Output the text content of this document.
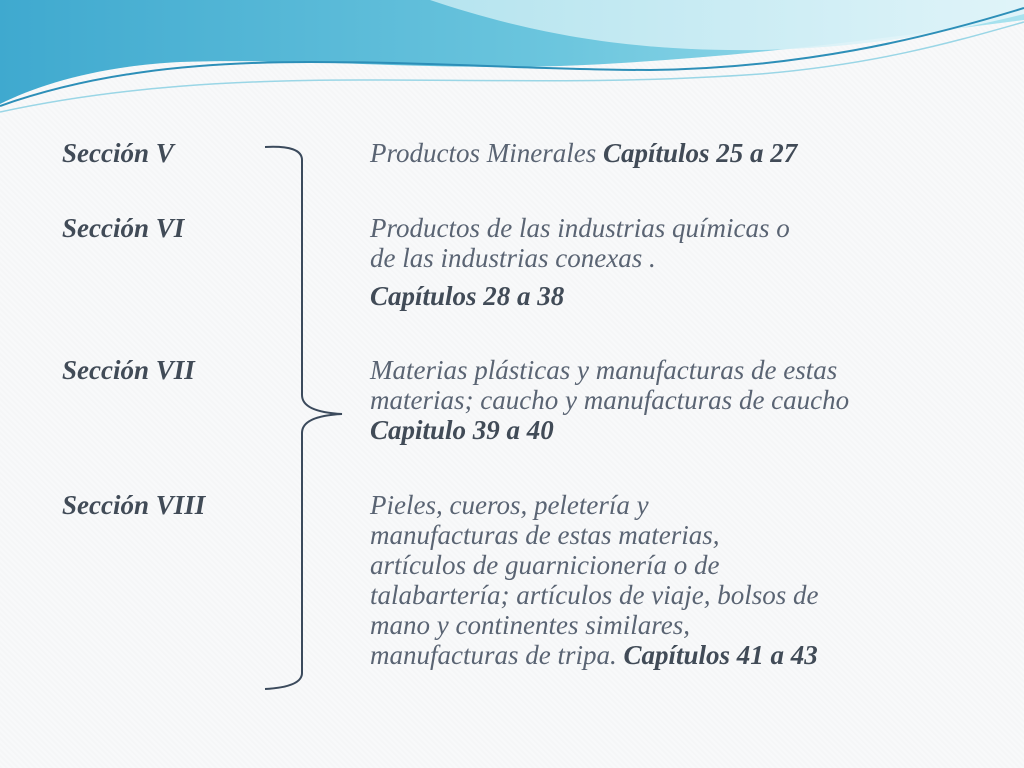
Sección V	Productos Minerales Capítulos 25 a 27
Sección VI	Productos de las industrias químicas o
de las industrias conexas .
Capítulos 28 a 38
Sección VII	Materias plásticas y manufacturas de estas
materias; caucho y manufacturas de caucho
Capitulo 39 a 40
Sección VIII	Pieles, cueros, peletería y
manufacturas de estas materias,
artículos de guarnicionería o de
talabartería; artículos de viaje, bolsos de
mano y continentes similares,
manufacturas de tripa. Capítulos 41 a 43
